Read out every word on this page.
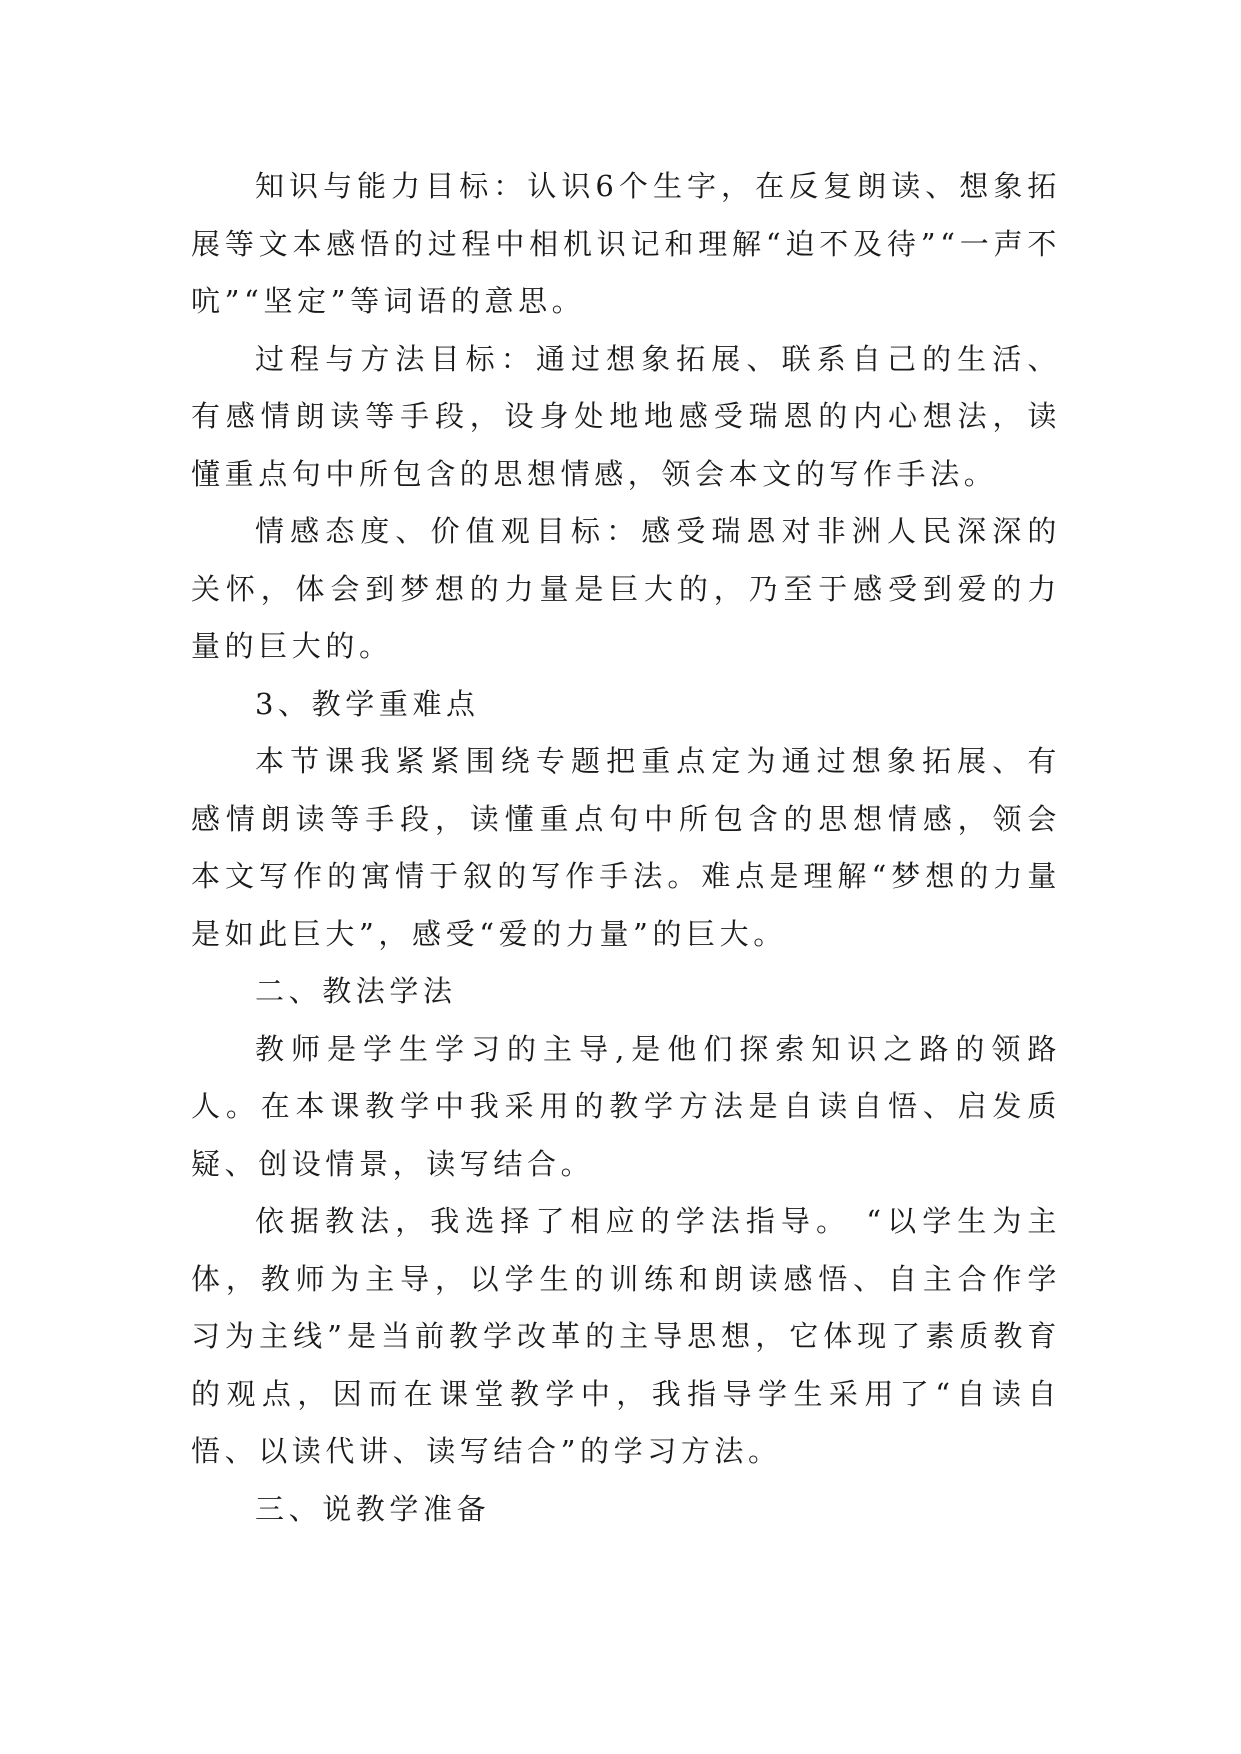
知识与能力目标：认识6个生字，在反复朗读、想象拓展等文本感悟的过程中相机识记和理解“迫不及待”“一声不吭”“坚定”等词语的意思。

过程与方法目标：通过想象拓展、联系自己的生活、有感情朗读等手段，设身处地地感受瑞恩的内心想法，读懂重点句中所包含的思想情感，领会本文的写作手法。

情感态度、价值观目标：感受瑞恩对非洲人民深深的关怀，体会到梦想的力量是巨大的，乃至于感受到爱的力量的巨大的。

3、教学重难点

本节课我紧紧围绕专题把重点定为通过想象拓展、有感情朗读等手段，读懂重点句中所包含的思想情感，领会本文写作的寓情于叙的写作手法。难点是理解“梦想的力量是如此巨大”，感受“爱的力量”的巨大。

二、教法学法

教师是学生学习的主导,是他们探索知识之路的领路人。在本课教学中我采用的教学方法是自读自悟、启发质疑、创设情景，读写结合。

依据教法，我选择了相应的学法指导。 “以学生为主体，教师为主导，以学生的训练和朗读感悟、自主合作学习为主线”是当前教学改革的主导思想，它体现了素质教育的观点，因而在课堂教学中，我指导学生采用了“自读自悟、以读代讲、读写结合”的学习方法。

三、说教学准备
